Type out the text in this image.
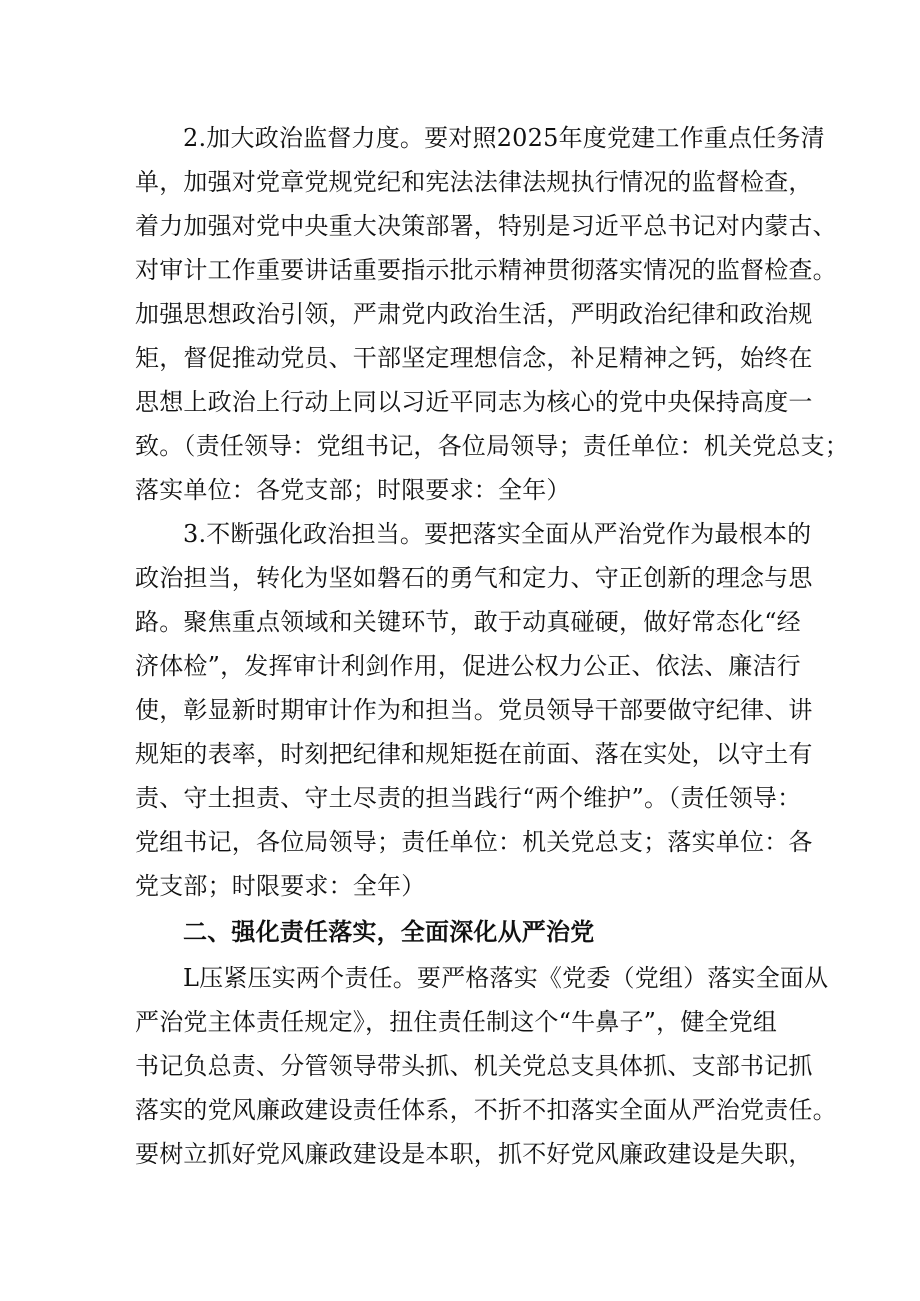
2.加大政治监督力度。要对照2025年度党建工作重点任务清
单，加强对党章党规党纪和宪法法律法规执行情况的监督检查，
着力加强对党中央重大决策部署，特别是习近平总书记对内蒙古、
对审计工作重要讲话重要指示批示精神贯彻落实情况的监督检查。
加强思想政治引领，严肃党内政治生活，严明政治纪律和政治规
矩，督促推动党员、干部坚定理想信念，补足精神之钙，始终在
思想上政治上行动上同以习近平同志为核心的党中央保持高度一
致。（责任领导：党组书记，各位局领导；责任单位：机关党总支；
落实单位：各党支部；时限要求：全年）
3.不断强化政治担当。要把落实全面从严治党作为最根本的
政治担当，转化为坚如磐石的勇气和定力、守正创新的理念与思
路。聚焦重点领域和关键环节，敢于动真碰硬，做好常态化“经
济体检”，发挥审计利剑作用，促进公权力公正、依法、廉洁行
使，彰显新时期审计作为和担当。党员领导干部要做守纪律、讲
规矩的表率，时刻把纪律和规矩挺在前面、落在实处，以守土有
责、守土担责、守土尽责的担当践行“两个维护”。（责任领导：
党组书记，各位局领导；责任单位：机关党总支；落实单位：各
党支部；时限要求：全年）
二、强化责任落实，全面深化从严治党
L压紧压实两个责任。要严格落实《党委（党组）落实全面从
严治党主体责任规定》，扭住责任制这个“牛鼻子”，健全党组
书记负总责、分管领导带头抓、机关党总支具体抓、支部书记抓
落实的党风廉政建设责任体系，不折不扣落实全面从严治党责任。
要树立抓好党风廉政建设是本职，抓不好党风廉政建设是失职，
